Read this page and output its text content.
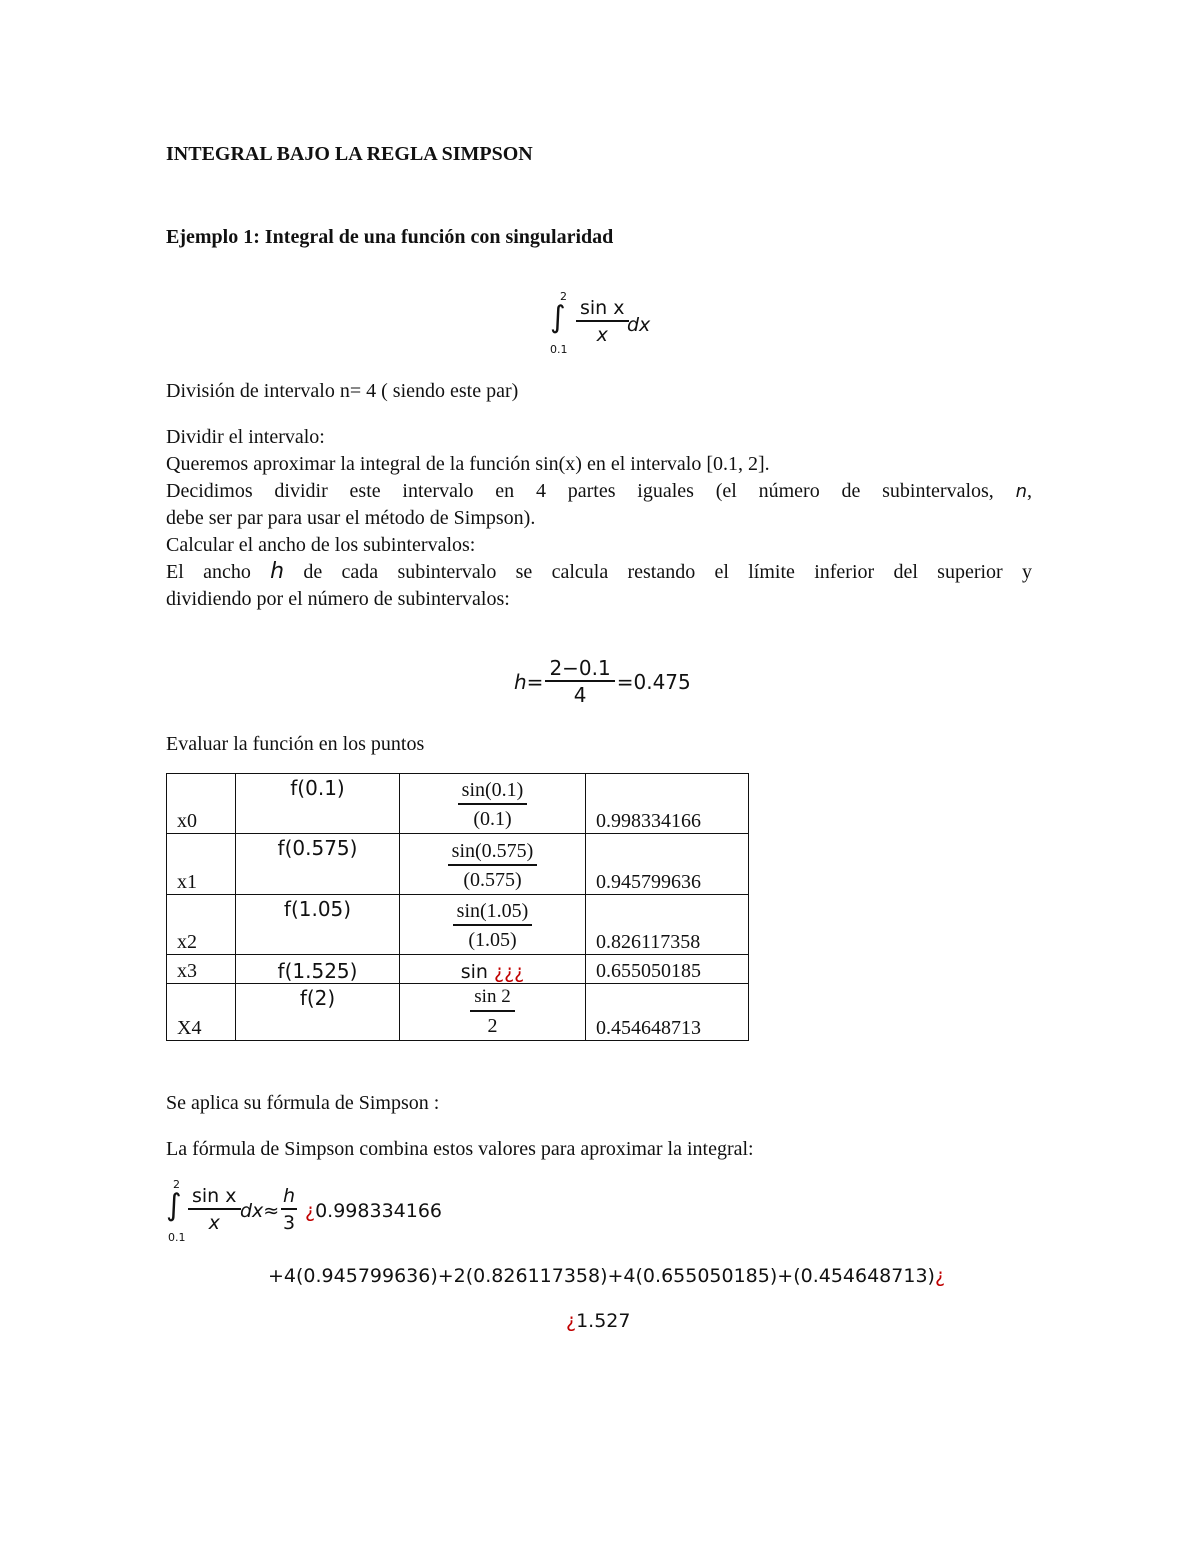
INTEGRAL BAJO LA REGLA SIMPSON
Ejemplo 1: Integral de una función con singularidad
2
∫
0.1
$\frac{\text{sin x}}{x}$
dx
División de intervalo n= 4 ( siendo este par)
Dividir el intervalo:
Queremos aproximar la integral de la función sin(x) en el intervalo [0.1, 2].
Decidimos dividir este intervalo en 4 partes iguales (el número de subintervalos, n,
debe ser par para usar el método de Simpson).
Calcular el ancho de los subintervalos:
El ancho h de cada subintervalo se calcula restando el límite inferior del superior y
dividiendo por el número de subintervalos:
$h= \frac{2-0.1}{4} =0.475$
Evaluar la función en los puntos
x0	f(0.1)	$\frac{\sin(0.1)}{(0.1)}$	0.998334166
x1	f(0.575)	$\frac{\sin(0.575)}{(0.575)}$	0.945799636
x2	f(1.05)	$\frac{\sin(1.05)}{(1.05)}$	0.826117358
x3	f(1.525)	sin ¿¿¿	0.655050185
X4	f(2)	$\frac{\sin 2}{2}$	0.454648713
Se aplica su fórmula de Simpson :
La fórmula de Simpson combina estos valores para aproximar la integral:
2
∫
0.1
$\frac{\text{sin x}}{x} dx\approx \frac{h}{3}$ ¿0.998334166
+4(0.945799636)+2(0.826117358)+4(0.655050185)+(0.454648713)¿
¿1.527
